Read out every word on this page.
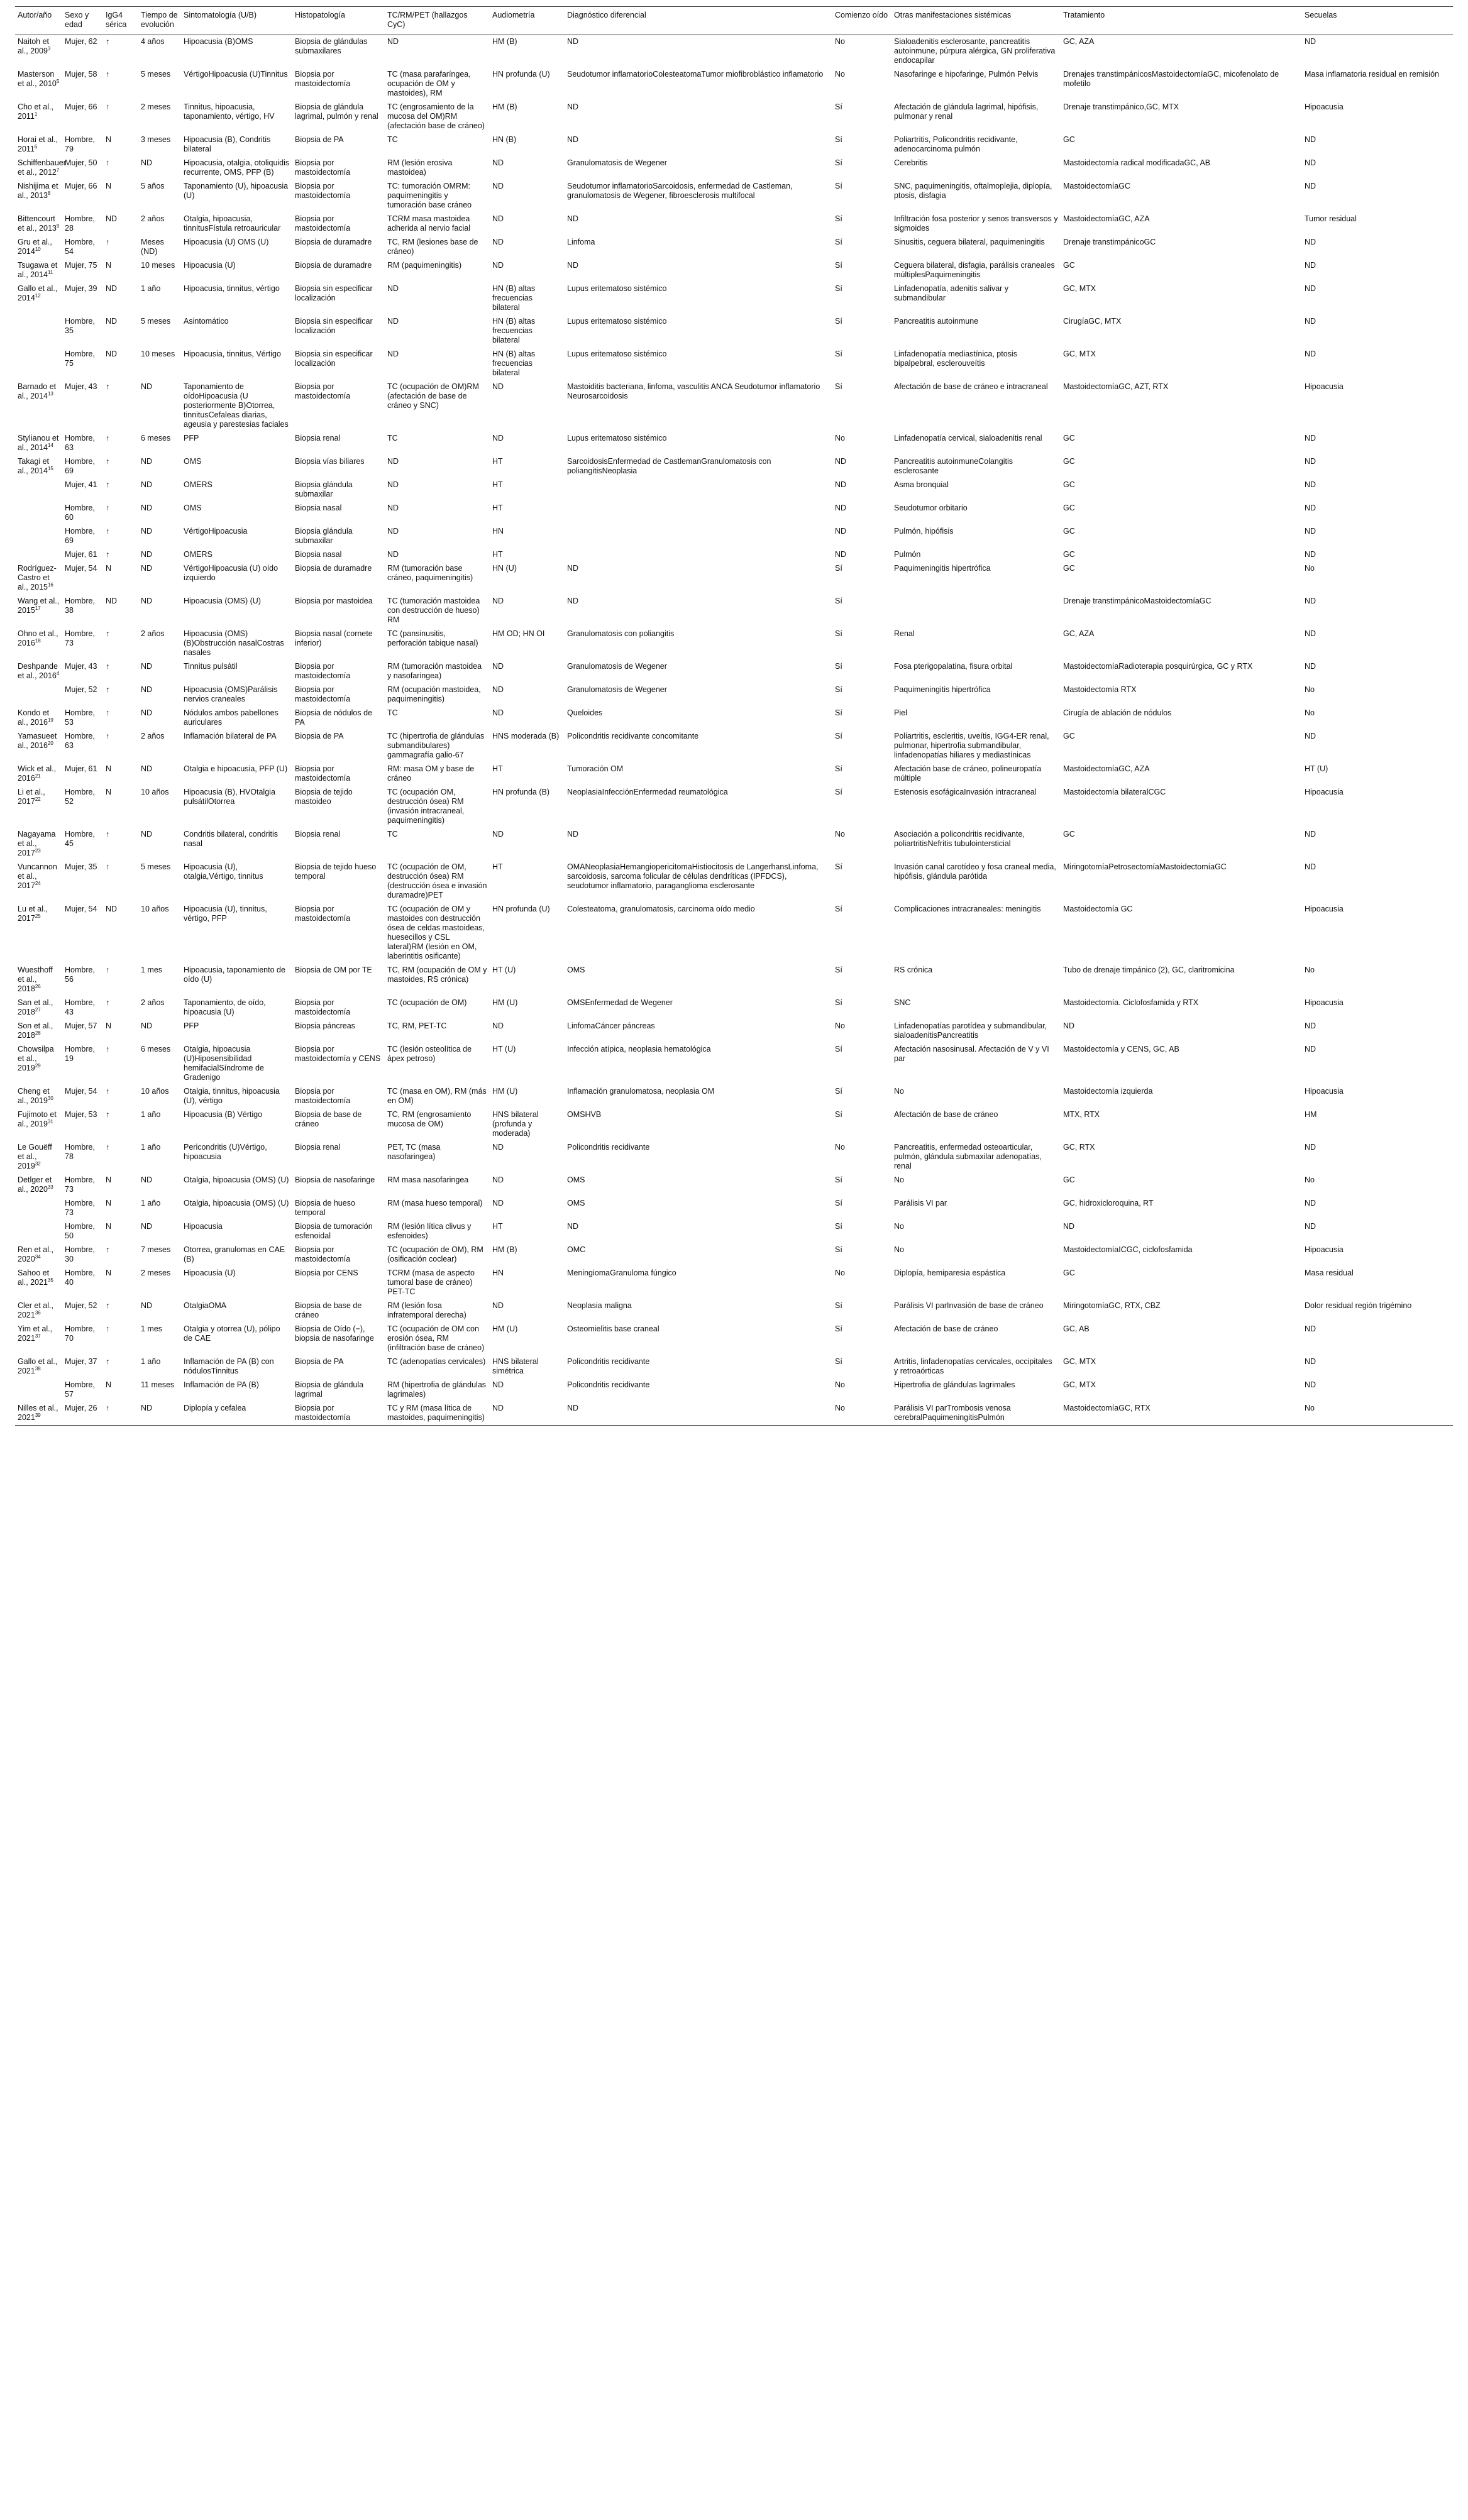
Autor/año	Sexo y edad	IgG4 sérica	Tiempo de evolución	Sintomatología (U/B)	Histopatología	TC/RM/PET (hallazgos CyC)	Audiometría	Diagnóstico diferencial	Comienzo oído	Otras manifestaciones sistémicas	Tratamiento	Secuelas
Naitoh et al., 2009$^3$	Mujer, 62	↑	4 años	Hipoacusia (B)OMS	Biopsia de glándulas submaxilares	ND	HM (B)	ND	No	Sialoadenitis esclerosante, pancreatitis autoinmune, púrpura alérgica, GN proliferativa endocapilar	GC, AZA	ND
Masterson et al., 2010$^5$	Mujer, 58	↑	5 meses	VértigoHipoacusia (U)Tinnitus	Biopsia por mastoidectomía	TC (masa parafaríngea, ocupación de OM y mastoides), RM	HN profunda (U)	Seudotumor inflamatorioColesteatomaTumor miofibroblástico inflamatorio	No	Nasofaringe e hipofaringe, Pulmón Pelvis	Drenajes transtimpánicosMastoidectomíaGC, micofenolato de mofetilo	Masa inflamatoria residual en remisión
Cho et al., 2011$^1$	Mujer, 66	↑	2 meses	Tinnitus, hipoacusia, taponamiento, vértigo, HV	Biopsia de glándula lagrimal, pulmón y renal	TC (engrosamiento de la mucosa del OM)RM (afectación base de cráneo)	HM (B)	ND	Sí	Afectación de glándula lagrimal, hipófisis, pulmonar y renal	Drenaje transtimpánico,GC, MTX	Hipoacusia
Horai et al., 2011$^6$	Hombre, 79	N	3 meses	Hipoacusia (B), Condritis bilateral	Biopsia de PA	TC	HN (B)	ND	Sí	Poliartritis, Policondritis recidivante, adenocarcinoma pulmón	GC	ND
Schiffenbauer et al., 2012$^7$	Mujer, 50	↑	ND	Hipoacusia, otalgia, otoliquidis recurrente, OMS, PFP (B)	Biopsia por mastoidectomía	RM (lesión erosiva mastoidea)	ND	Granulomatosis de Wegener	Sí	Cerebritis	Mastoidectomía radical modificadaGC, AB	ND
Nishijima et al., 2013$^8$	Mujer, 66	N	5 años	Taponamiento (U), hipoacusia (U)	Biopsia por mastoidectomía	TC: tumoración OMRM: paquimeningitis y tumoración base cráneo	ND	Seudotumor inflamatorioSarcoidosis, enfermedad de Castleman, granulomatosis de Wegener, fibroesclerosis multifocal	Sí	SNC, paquimeningitis, oftalmoplejia, diplopía, ptosis, disfagia	MastoidectomíaGC	ND
Bittencourt et al., 2013$^9$	Hombre, 28	ND	2 años	Otalgia, hipoacusia, tinnitusFístula retroauricular	Biopsia por mastoidectomía	TCRM masa mastoidea adherida al nervio facial	ND	ND	Sí	Infiltración fosa posterior y senos transversos y sigmoides	MastoidectomíaGC, AZA	Tumor residual
Gru et al., 2014$^{10}$	Hombre, 54	↑	Meses (ND)	Hipoacusia (U) OMS (U)	Biopsia de duramadre	TC, RM (lesiones base de cráneo)	ND	Linfoma	Sí	Sinusitis, ceguera bilateral, paquimeningitis	Drenaje transtimpánicoGC	ND
Tsugawa et al., 2014$^{11}$	Mujer, 75	N	10 meses	Hipoacusia (U)	Biopsia de duramadre	RM (paquimeningitis)	ND	ND	Sí	Ceguera bilateral, disfagia, parálisis craneales múltiplesPaquimeningitis	GC	ND
Gallo et al., 2014$^{12}$	Mujer, 39	ND	1 año	Hipoacusia, tinnitus, vértigo	Biopsia sin especificar localización	ND	HN (B) altas frecuencias bilateral	Lupus eritematoso sistémico	Sí	Linfadenopatía, adenitis salivar y submandibular	GC, MTX	ND
	Hombre, 35	ND	5 meses	Asintomático	Biopsia sin especificar localización	ND	HN (B) altas frecuencias bilateral	Lupus eritematoso sistémico	Sí	Pancreatitis autoinmune	CirugíaGC, MTX	ND
	Hombre, 75	ND	10 meses	Hipoacusia, tinnitus, Vértigo	Biopsia sin especificar localización	ND	HN (B) altas frecuencias bilateral	Lupus eritematoso sistémico	Sí	Linfadenopatía mediastínica, ptosis bipalpebral, esclerouveítis	GC, MTX	ND
Barnado et al., 2014$^{13}$	Mujer, 43	↑	ND	Taponamiento de oídoHipoacusia (U posteriormente B)Otorrea, tinnitusCefaleas diarias, ageusia y parestesias faciales	Biopsia por mastoidectomía	TC (ocupación de OM)RM (afectación de base de cráneo y SNC)	ND	Mastoiditis bacteriana, linfoma, vasculitis ANCA Seudotumor inflamatorio Neurosarcoidosis	Sí	Afectación de base de cráneo e intracraneal	MastoidectomíaGC, AZT, RTX	Hipoacusia
Stylianou et al., 2014$^{14}$	Hombre, 63	↑	6 meses	PFP	Biopsia renal	TC	ND	Lupus eritematoso sistémico	No	Linfadenopatía cervical, sialoadenitis renal	GC	ND
Takagi et al., 2014$^{15}$	Hombre, 69	↑	ND	OMS	Biopsia vías biliares	ND	HT	SarcoidosisEnfermedad de CastlemanGranulomatosis con poliangitisNeoplasia	ND	Pancreatitis autoinmuneColangitis esclerosante	GC	ND
	Mujer, 41	↑	ND	OMERS	Biopsia glándula submaxilar	ND	HT		ND	Asma bronquial	GC	ND
	Hombre, 60	↑	ND	OMS	Biopsia nasal	ND	HT		ND	Seudotumor orbitario	GC	ND
	Hombre, 69	↑	ND	VértigoHipoacusia	Biopsia glándula submaxilar	ND	HN		ND	Pulmón, hipófisis	GC	ND
	Mujer, 61	↑	ND	OMERS	Biopsia nasal	ND	HT		ND	Pulmón	GC	ND
Rodríguez-Castro et al., 2015$^{16}$	Mujer, 54	N	ND	VértigoHipoacusia (U) oído izquierdo	Biopsia de duramadre	RM (tumoración base cráneo, paquimeningitis)	HN (U)	ND	Sí	Paquimeningitis hipertrófica	GC	No
Wang et al., 2015$^{17}$	Hombre, 38	ND	ND	Hipoacusia (OMS) (U)	Biopsia por mastoidea	TC (tumoración mastoidea con destrucción de hueso) RM	ND	ND	Sí		Drenaje transtimpánicoMastoidectomíaGC	ND
Ohno et al., 2016$^{18}$	Hombre, 73	↑	2 años	Hipoacusia (OMS)(B)Obstrucción nasalCostras nasales	Biopsia nasal (cornete inferior)	TC (pansinusitis, perforación tabique nasal)	HM OD; HN OI	Granulomatosis con poliangitis	Sí	Renal	GC, AZA	ND
Deshpande et al., 2016$^4$	Mujer, 43	↑	ND	Tinnitus pulsátil	Biopsia por mastoidectomía	RM (tumoración mastoidea y nasofaringea)	ND	Granulomatosis de Wegener	Sí	Fosa pterigopalatina, fisura orbital	MastoidectomíaRadioterapia posquirúrgica, GC y RTX	ND
	Mujer, 52	↑	ND	Hipoacusia (OMS)Parálisis nervios craneales	Biopsia por mastoidectomía	RM (ocupación mastoidea, paquimeningitis)	ND	Granulomatosis de Wegener	Sí	Paquimeningitis hipertrófica	Mastoidectomía RTX	No
Kondo et al., 2016$^{19}$	Hombre, 53	↑	ND	Nódulos ambos pabellones auriculares	Biopsia de nódulos de PA	TC	ND	Queloides	Sí	Piel	Cirugía de ablación de nódulos	No
Yamasueet al., 2016$^{20}$	Hombre, 63	↑	2 años	Inflamación bilateral de PA	Biopsia de PA	TC (hipertrofia de glándulas submandibulares) gammagrafía galio-67	HNS moderada (B)	Policondritis recidivante concomitante	Sí	Poliartritis, escleritis, uveítis, IGG4-ER renal, pulmonar, hipertrofia submandibular, linfadenopatías hiliares y mediastínicas	GC	ND
Wick et al., 2016$^{21}$	Mujer, 61	N	ND	Otalgia e hipoacusia, PFP (U)	Biopsia por mastoidectomía	RM: masa OM y base de cráneo	HT	Tumoración OM	Sí	Afectación base de cráneo, polineuropatía múltiple	MastoidectomíaGC, AZA	HT (U)
Li et al., 2017$^{22}$	Hombre, 52	N	10 años	Hipoacusia (B), HVOtalgia pulsátilOtorrea	Biopsia de tejido mastoideo	TC (ocupación OM, destrucción ósea) RM (invasión intracraneal, paquimeningitis)	HN profunda (B)	NeoplasiaInfecciónEnfermedad reumatológica	Sí	Estenosis esofágicaInvasión intracraneal	Mastoidectomía bilateralCGC	Hipoacusia
Nagayama et al., 2017$^{23}$	Hombre, 45	↑	ND	Condritis bilateral, condritis nasal	Biopsia renal	TC	ND	ND	No	Asociación a policondritis recidivante, poliartritisNefritis tubulointersticial	GC	ND
Vuncannon et al., 2017$^{24}$	Mujer, 35	↑	5 meses	Hipoacusia (U), otalgia,Vértigo, tinnitus	Biopsia de tejido hueso temporal	TC (ocupación de OM, destrucción ósea) RM (destrucción ósea e invasión duramadre)PET	HT	OMANeoplasiaHemangiopericitomaHistiocitosis de LangerhansLinfoma, sarcoidosis, sarcoma folicular de células dendríticas (IPFDCS), seudotumor inflamatorio, paraganglioma esclerosante	Sí	Invasión canal carotídeo y fosa craneal media, hipófisis, glándula parótida	MiringotomíaPetrosectomíaMastoidectomíaGC	ND
Lu et al., 2017$^{25}$	Mujer, 54	ND	10 años	Hipoacusia (U), tinnitus, vértigo, PFP	Biopsia por mastoidectomía	TC (ocupación de OM y mastoides con destrucción ósea de celdas mastoideas, huesecillos y CSL lateral)RM (lesión en OM, laberintitis osificante)	HN profunda (U)	Colesteatoma, granulomatosis, carcinoma oído medio	Sí	Complicaciones intracraneales: meningitis	Mastoidectomía GC	Hipoacusia
Wuesthoff et al., 2018$^{26}$	Hombre, 56	↑	1 mes	Hipoacusia, taponamiento de oído (U)	Biopsia de OM por TE	TC, RM (ocupación de OM y mastoides, RS crónica)	HT (U)	OMS	Sí	RS crónica	Tubo de drenaje timpánico (2), GC, claritromicina	No
San et al., 2018$^{27}$	Hombre, 43	↑	2 años	Taponamiento, de oído, hipoacusia (U)	Biopsia por mastoidectomía	TC (ocupación de OM)	HM (U)	OMSEnfermedad de Wegener	Sí	SNC	Mastoidectomía. Ciclofosfamida y RTX	Hipoacusia
Son et al., 2018$^{28}$	Mujer, 57	N	ND	PFP	Biopsia páncreas	TC, RM, PET-TC	ND	LinfomaCáncer páncreas	No	Linfadenopatías parotídea y submandibular, sialoadenitisPancreatitis	ND	ND
Chowsilpa et al., 2019$^{29}$	Hombre, 19	↑	6 meses	Otalgia, hipoacusia (U)Hiposensibilidad hemifacialSíndrome de Gradenigo	Biopsia por mastoidectomía y CENS	TC (lesión osteolítica de ápex petroso)	HT (U)	Infección atípica, neoplasia hematológica	Sí	Afectación nasosinusal. Afectación de V y VI par	Mastoidectomía y CENS, GC, AB	ND
Cheng et al., 2019$^{30}$	Mujer, 54	↑	10 años	Otalgia, tinnitus, hipoacusia (U), vértigo	Biopsia por mastoidectomía	TC (masa en OM), RM (más en OM)	HM (U)	Inflamación granulomatosa, neoplasia OM	Sí	No	Mastoidectomía izquierda	Hipoacusia
Fujimoto et al., 2019$^{31}$	Mujer, 53	↑	1 año	Hipoacusia (B) Vértigo	Biopsia de base de cráneo	TC, RM (engrosamiento mucosa de OM)	HNS bilateral (profunda y moderada)	OMSHVB	Sí	Afectación de base de cráneo	MTX, RTX	HM
Le Gouëff et al., 2019$^{32}$	Hombre, 78	↑	1 año	Pericondritis (U)Vértigo, hipoacusia	Biopsia renal	PET, TC (masa nasofaringea)	ND	Policondritis recidivante	No	Pancreatitis, enfermedad osteoarticular, pulmón, glándula submaxilar adenopatías, renal	GC, RTX	ND
Detlger et al., 2020$^{33}$	Hombre, 73	N	ND	Otalgia, hipoacusia (OMS) (U)	Biopsia de nasofaringe	RM masa nasofaringea	ND	OMS	Sí	No	GC	No
	Hombre, 73	N	1 año	Otalgia, hipoacusia (OMS) (U)	Biopsia de hueso temporal	RM (masa hueso temporal)	ND	OMS	Sí	Parálisis VI par	GC, hidroxicloroquina, RT	ND
	Hombre, 50	N	ND	Hipoacusia	Biopsia de tumoración esfenoidal	RM (lesión lítica clivus y esfenoides)	HT	ND	Sí	No	ND	ND
Ren et al., 2020$^{34}$	Hombre, 30	↑	7 meses	Otorrea, granulomas en CAE (B)	Biopsia por mastoidectomía	TC (ocupación de OM), RM (osificación coclear)	HM (B)	OMC	Sí	No	MastoidectomíaICGC, ciclofosfamida	Hipoacusia
Sahoo et al., 2021$^{35}$	Hombre, 40	N	2 meses	Hipoacusia (U)	Biopsia por CENS	TCRM (masa de aspecto tumoral base de cráneo) PET-TC	HN	MeningiomaGranuloma fúngico	No	Diplopía, hemiparesia espástica	GC	Masa residual
Cler et al., 2021$^{36}$	Mujer, 52	↑	ND	OtalgiaOMA	Biopsia de base de cráneo	RM (lesión fosa infratemporal derecha)	ND	Neoplasia maligna	Sí	Parálisis VI parInvasión de base de cráneo	MiringotomíaGC, RTX, CBZ	Dolor residual región trigémino
Yim et al., 2021$^{37}$	Hombre, 70	↑	1 mes	Otalgia y otorrea (U), pólipo de CAE	Biopsia de Oído (−), biopsia de nasofaringe	TC (ocupación de OM con erosión ósea, RM (infiltración base de cráneo)	HM (U)	Osteomielitis base craneal	Sí	Afectación de base de cráneo	GC, AB	ND
Gallo et al., 2021$^{38}$	Mujer, 37	↑	1 año	Inflamación de PA (B) con nódulosTinnitus	Biopsia de PA	TC (adenopatías cervicales)	HNS bilateral simétrica	Policondritis recidivante	Sí	Artritis, linfadenopatías cervicales, occipitales y retroaórticas	GC, MTX	ND
	Hombre, 57	N	11 meses	Inflamación de PA (B)	Biopsia de glándula lagrimal	RM (hipertrofia de glándulas lagrimales)	ND	Policondritis recidivante	No	Hipertrofia de glándulas lagrimales	GC, MTX	ND
Nilles et al., 2021$^{39}$	Mujer, 26	↑	ND	Diplopía y cefalea	Biopsia por mastoidectomía	TC y RM (masa lítica de mastoides, paquimeningitis)	ND	ND	No	Parálisis VI parTrombosis venosa cerebralPaquimeningitisPulmón	MastoidectomíaGC, RTX	No
